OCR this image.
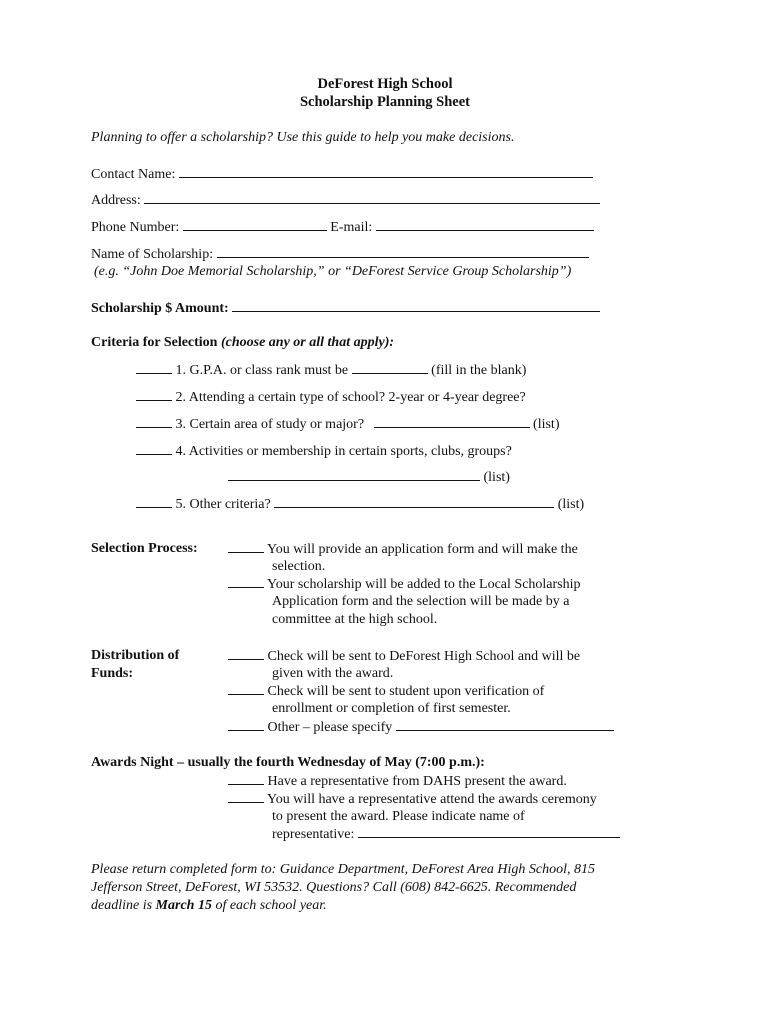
DeForest High School
Scholarship Planning Sheet
Planning to offer a scholarship? Use this guide to help you make decisions.
Contact Name:
Address:
Phone Number:	E-mail:
Name of Scholarship:
(e.g. “John Doe Memorial Scholarship,” or “DeForest Service Group Scholarship”)
Scholarship $ Amount:
Criteria for Selection (choose any or all that apply):
1. G.P.A. or class rank must be	(fill in the blank)
2. Attending a certain type of school? 2-year or 4-year degree?
3. Certain area of study or major?	(list)
4. Activities or membership in certain sports, clubs, groups?
(list)
5. Other criteria?	(list)
Selection Process:	You will provide an application form and will make the
selection.
Your scholarship will be added to the Local Scholarship
Application form and the selection will be made by a
committee at the high school.
Distribution of
Funds:
Check will be sent to DeForest High School and will be
given with the award.
Check will be sent to student upon verification of
enrollment or completion of first semester.
Other – please specify
Awards Night – usually the fourth Wednesday of May (7:00 p.m.):
Have a representative from DAHS present the award.
You will have a representative attend the awards ceremony
to present the award. Please indicate name of
representative:
Please return completed form to: Guidance Department, DeForest Area High School, 815
Jefferson Street, DeForest, WI 53532. Questions? Call (608) 842-6625. Recommended
deadline is March 15 of each school year.
